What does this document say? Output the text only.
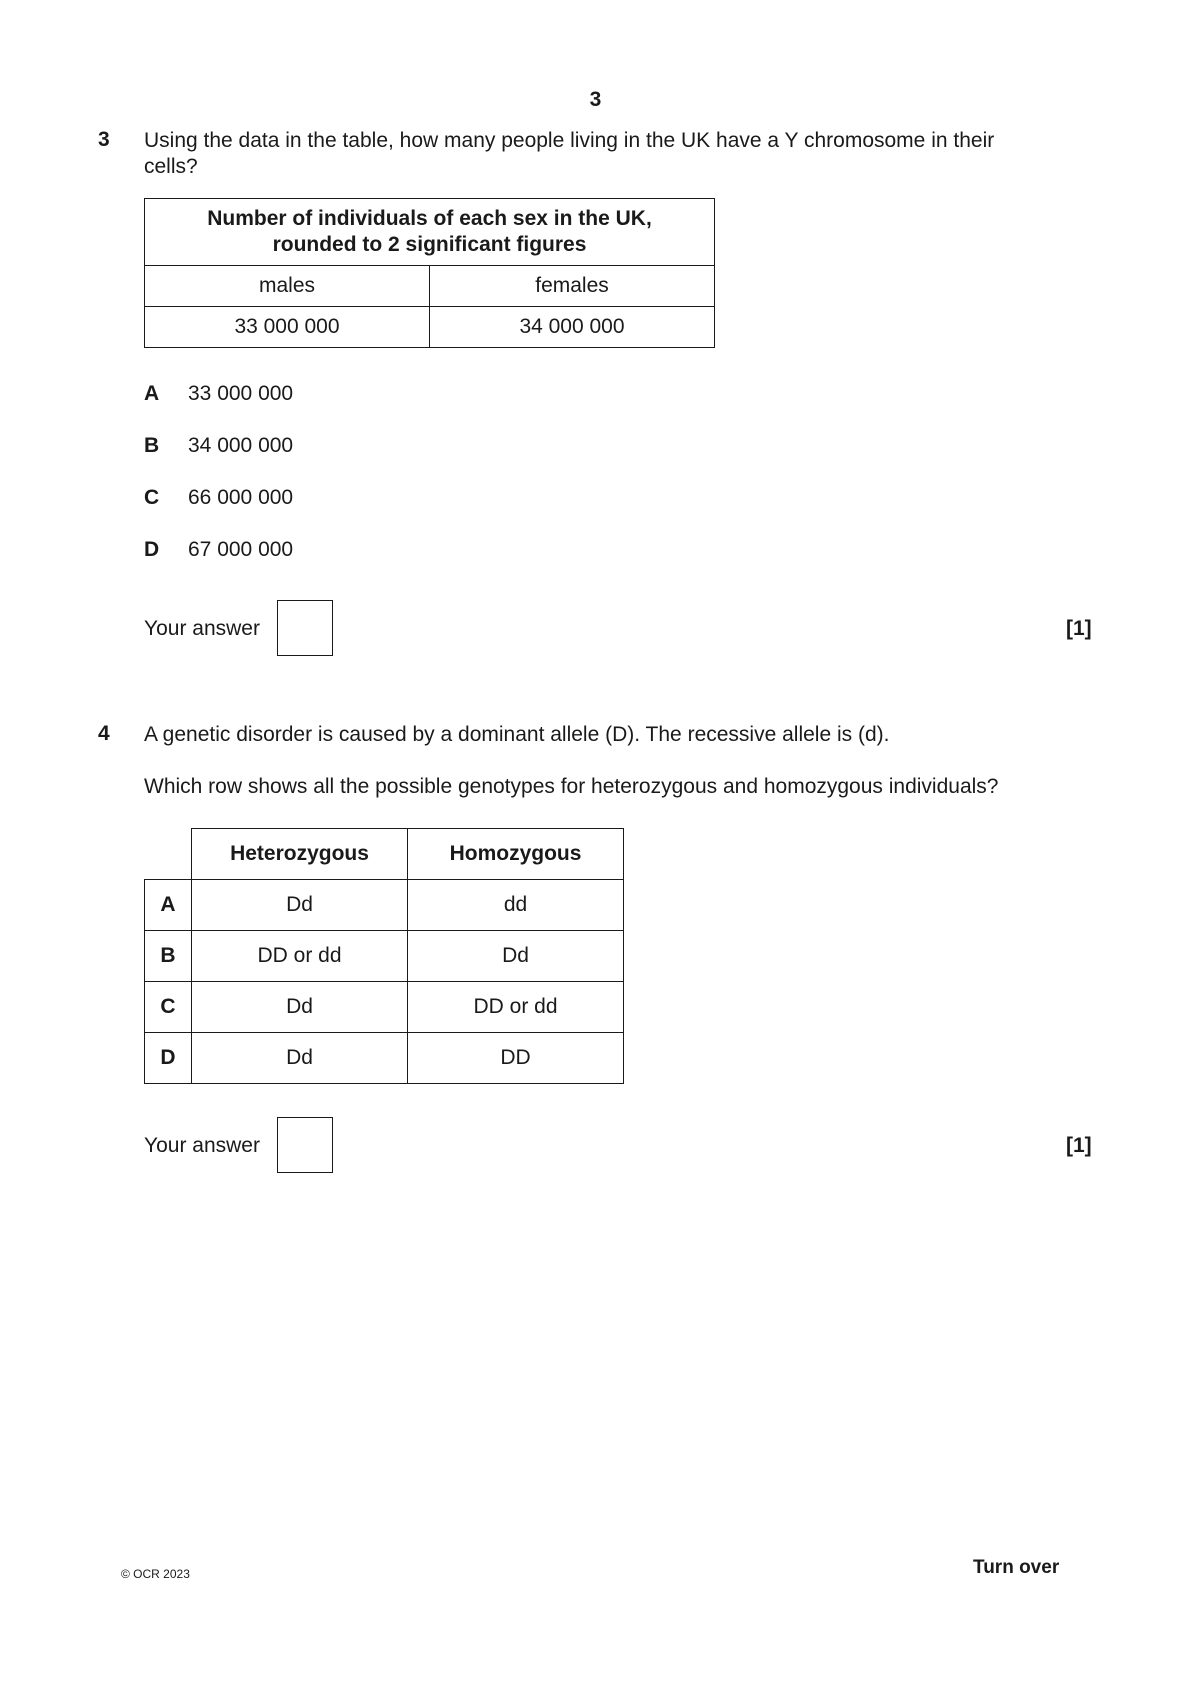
3
3 Using the data in the table, how many people living in the UK have a Y chromosome in their
cells?
Number of individuals of each sex in the UK,
rounded to 2 significant figures	

males	females
33 000 000	34 000 000
A 33 000 000
B 34 000 000
C 66 000 000
D 67 000 000
Your answer	[1]
4 A genetic disorder is caused by a dominant allele (D). The recessive allele is (d).
Which row shows all the possible genotypes for heterozygous and homozygous individuals?
	Heterozygous	Homozygous
A	Dd	dd
B	DD or dd	Dd
C	Dd	DD or dd
D	Dd	DD
Your answer	[1]
© OCR 2023	Turn over
